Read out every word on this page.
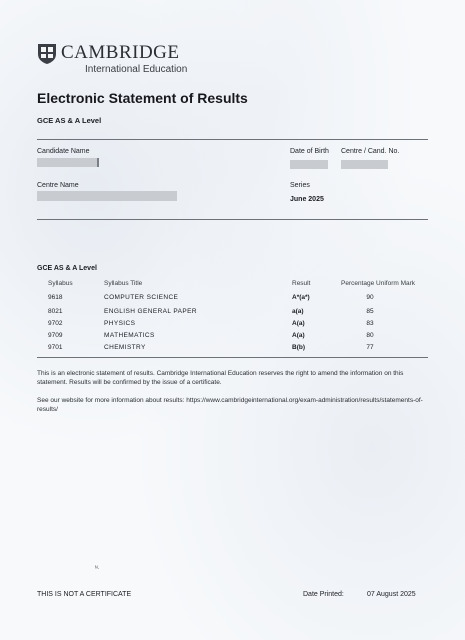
CAMBRIDGE
International Education
Electronic Statement of Results
GCE AS & A Level
Candidate Name	Date of Birth Centre / Cand. No.
Centre Name	Series
June 2025
GCE AS & A Level
Syllabus	Syllabus Title	Result	Percentage Uniform Mark
9618	COMPUTER SCIENCE	A*(a*)	90
8021	ENGLISH GENERAL PAPER	a(a)	85
9702	PHYSICS	A(a)	83
9709	MATHEMATICS	A(a)	80
9701	CHEMISTRY	B(b)	77
This is an electronic statement of results. Cambridge International Education reserves the right to amend the information on this statement. Results will be confirmed by the issue of a certificate.
See our website for more information about results: https://www.cambridgeinternational.org/exam-administration/results/statements-of-results/
ᴺ·
THIS IS NOT A CERTIFICATE	Date Printed:	07 August 2025
